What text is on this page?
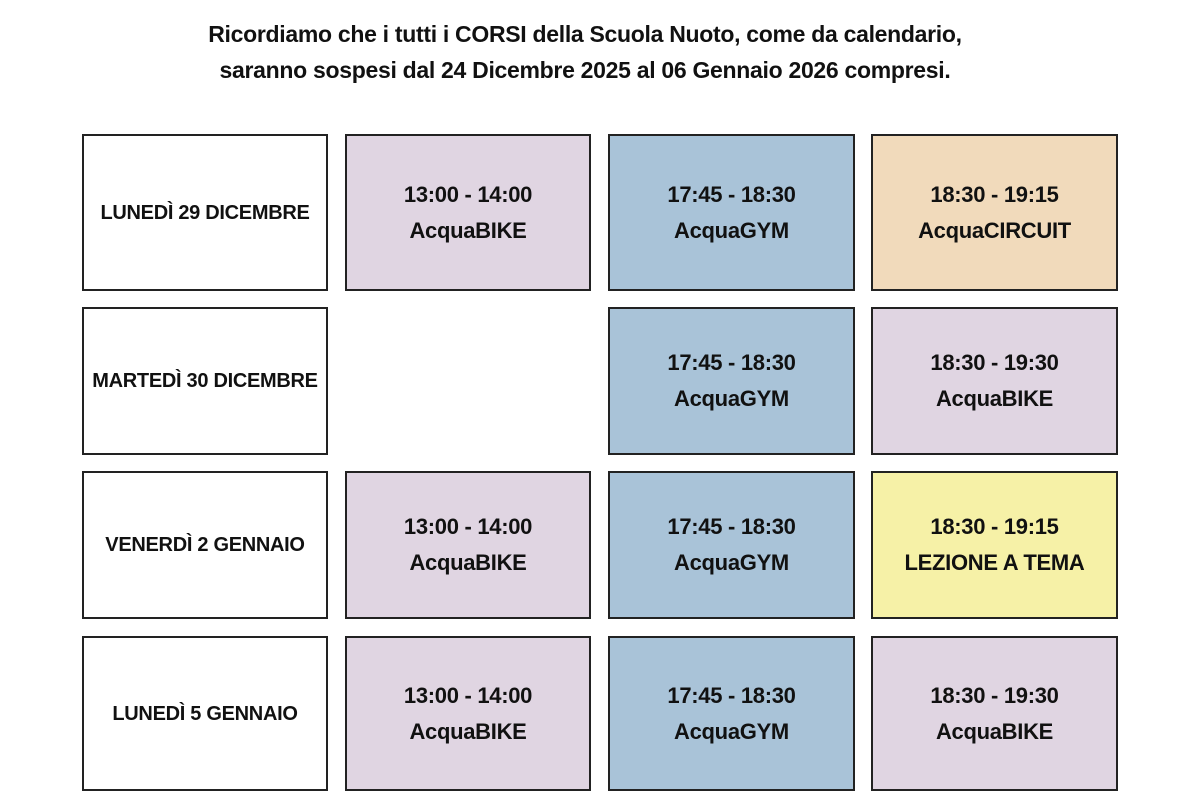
Ricordiamo che i tutti i CORSI della Scuola Nuoto, come da calendario,
saranno sospesi dal 24 Dicembre 2025 al 06 Gennaio 2026 compresi.
LUNEDÌ 29 DICEMBRE
13:00 - 14:00
AcquaBIKE
17:45 - 18:30
AcquaGYM
18:30 - 19:15
AcquaCIRCUIT
MARTEDÌ 30 DICEMBRE
17:45 - 18:30
AcquaGYM
18:30 - 19:30
AcquaBIKE
VENERDÌ 2 GENNAIO
13:00 - 14:00
AcquaBIKE
17:45 - 18:30
AcquaGYM
18:30 - 19:15
LEZIONE A TEMA
LUNEDÌ 5 GENNAIO
13:00 - 14:00
AcquaBIKE
17:45 - 18:30
AcquaGYM
18:30 - 19:30
AcquaBIKE
